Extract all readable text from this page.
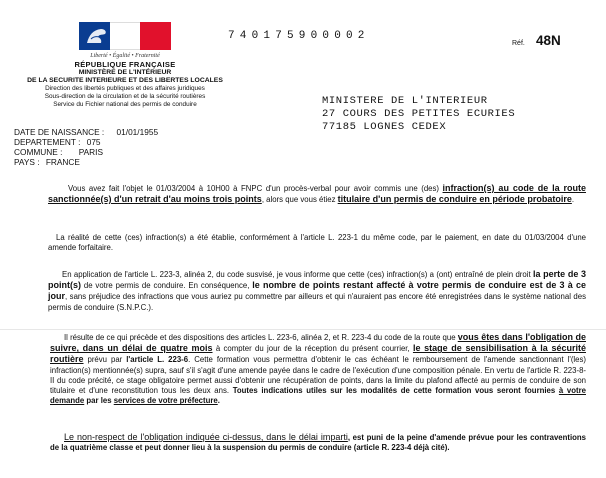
Liberté • Égalité • Fraternité
RÉPUBLIQUE FRANÇAISE
MINISTÈRE DE L'INTÉRIEUR
DE LA SECURITE INTERIEURE ET DES LIBERTES LOCALES
Direction des libertés publiques et des affaires juridiques
Sous-direction de la circulation et de la sécurité routières
Service du Fichier national des permis de conduire
740175900002
Réf. 48N
MINISTERE DE L'INTERIEUR
27 COURS DES PETITES ECURIES
77185 LOGNES CEDEX
DATE DE NAISSANCE : 01/01/1955
DEPARTEMENT : 075
COMMUNE : PARIS
PAYS : FRANCE
Vous avez fait l'objet le 01/03/2004 à 10H00 à FNPC d'un procès-verbal pour avoir commis une (des) infraction(s) au code de la route sanctionnée(s) d'un retrait d'au moins trois points, alors que vous étiez titulaire d'un permis de conduire en période probatoire.
La réalité de cette (ces) infraction(s) a été établie, conformément à l'article L. 223-1 du même code, par le paiement, en date du 01/03/2004 d'une amende forfaitaire.
En application de l'article L. 223-3, alinéa 2, du code susvisé, je vous informe que cette (ces) infraction(s) a (ont) entraîné de plein droit la perte de 3 point(s) de votre permis de conduire. En conséquence, le nombre de points restant affecté à votre permis de conduire est de 3 à ce jour, sans préjudice des infractions que vous auriez pu commettre par ailleurs et qui n'auraient pas encore été enregistrées dans le système national des permis de conduire (S.N.P.C.).
Il résulte de ce qui précède et des dispositions des articles L. 223-6, alinéa 2, et R. 223-4 du code de la route que vous êtes dans l'obligation de suivre, dans un délai de quatre mois à compter du jour de la réception du présent courrier, le stage de sensibilisation à la sécurité routière prévu par l'article L. 223-6. Cette formation vous permettra d'obtenir le cas échéant le remboursement de l'amende sanctionnant l'(les) infraction(s) mentionnée(s) supra, sauf s'il s'agit d'une amende payée dans le cadre de l'exécution d'une composition pénale. En vertu de l'article R. 223-8-II du code précité, ce stage obligatoire permet aussi d'obtenir une récupération de points, dans la limite du plafond affecté au permis de conduire de son titulaire et d'une reconstitution tous les deux ans. Toutes indications utiles sur les modalités de cette formation vous seront fournies à votre demande par les services de votre préfecture.
Le non-respect de l'obligation indiquée ci-dessus, dans le délai imparti, est puni de la peine d'amende prévue pour les contraventions de la quatrième classe et peut donner lieu à la suspension du permis de conduire (article R. 223-4 déjà cité).
